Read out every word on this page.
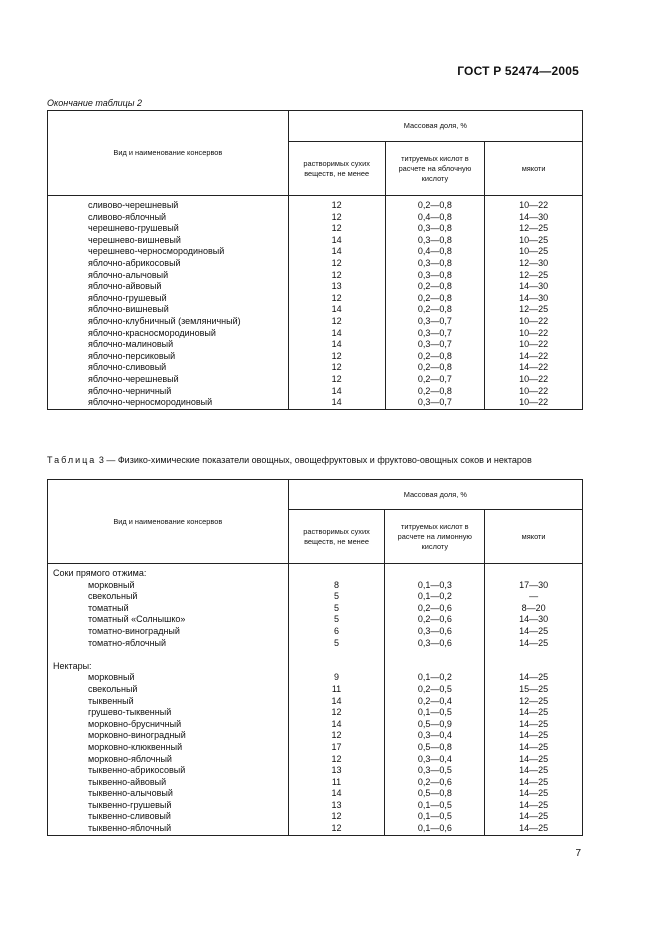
ГОСТ Р 52474—2005
Окончание таблицы 2
Вид и наименование консервов	Массовая доля, %		
	растворимых сухих веществ, не менее	титруемых кислот в расчете на яблочную кислоту	мякоти
сливово-черешневый	12	0,2—0,8	10—22
сливово-яблочный	12	0,4—0,8	14—30
черешнево-грушевый	12	0,3—0,8	12—25
черешнево-вишневый	14	0,3—0,8	10—25
черешнево-черносмородиновый	14	0,4—0,8	10—25
яблочно-абрикосовый	12	0,3—0,8	12—30
яблочно-алычовый	12	0,3—0,8	12—25
яблочно-айвовый	13	0,2—0,8	14—30
яблочно-грушевый	12	0,2—0,8	14—30
яблочно-вишневый	14	0,2—0,8	12—25
яблочно-клубничный (земляничный)	12	0,3—0,7	10—22
яблочно-красносмородиновый	14	0,3—0,7	10—22
яблочно-малиновый	14	0,3—0,7	10—22
яблочно-персиковый	12	0,2—0,8	14—22
яблочно-сливовый	12	0,2—0,8	14—22
яблочно-черешневый	12	0,2—0,7	10—22
яблочно-черничный	14	0,2—0,8	10—22
яблочно-черносмородиновый	14	0,3—0,7	10—22
Таблица 3 — Физико-химические показатели овощных, овощефруктовых и фруктово-овощных соков и нектаров
Вид и наименование консервов	Массовая доля, %		
	растворимых сухих веществ, не менее	титруемых кислот в расчете на лимонную кислоту	мякоти
Соки прямого отжима:			
морковный	8	0,1—0,3	17—30
свекольный	5	0,1—0,2	—
томатный	5	0,2—0,6	8—20
томатный «Солнышко»	5	0,2—0,6	14—30
томатно-виноградный	6	0,3—0,6	14—25
томатно-яблочный	5	0,3—0,6	14—25

Нектары:			
морковный	9	0,1—0,2	14—25
свекольный	11	0,2—0,5	15—25
тыквенный	14	0,2—0,4	12—25
грушево-тыквенный	12	0,1—0,5	14—25
морковно-брусничный	14	0,5—0,9	14—25
морковно-виноградный	12	0,3—0,4	14—25
морковно-клюквенный	17	0,5—0,8	14—25
морковно-яблочный	12	0,3—0,4	14—25
тыквенно-абрикосовый	13	0,3—0,5	14—25
тыквенно-айвовый	11	0,2—0,6	14—25
тыквенно-алычовый	14	0,5—0,8	14—25
тыквенно-грушевый	13	0,1—0,5	14—25
тыквенно-сливовый	12	0,1—0,5	14—25
тыквенно-яблочный	12	0,1—0,6	14—25
7
